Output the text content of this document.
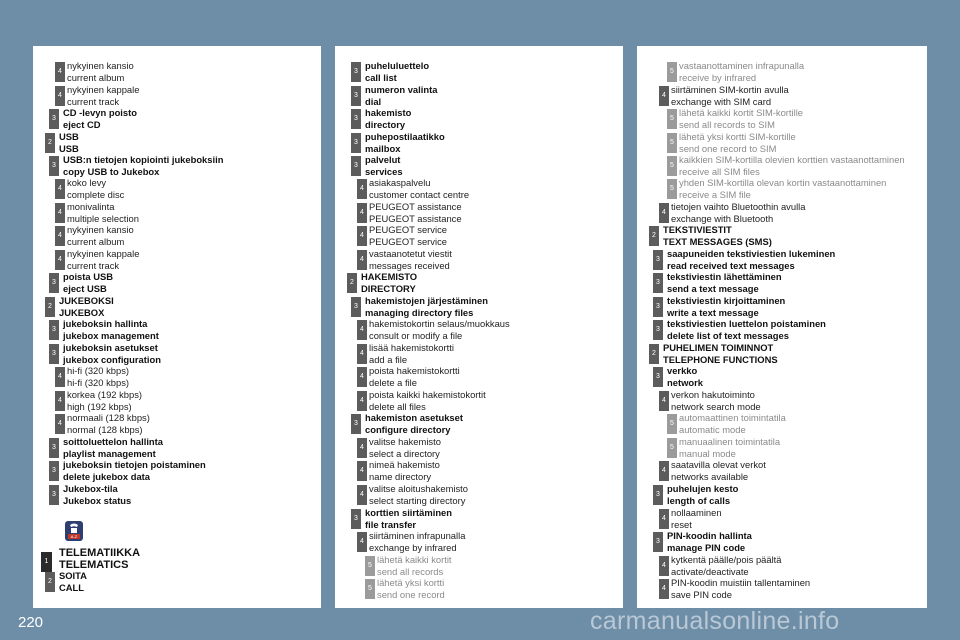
4
nykyinen kansio
current album
4
nykyinen kappale
current track
3
CD -levyn poisto
eject CD
2
USB
USB
3
USB:n tietojen kopiointi jukeboksiin
copy USB to Jukebox
4
koko levy
complete disc
4
monivalinta
multiple selection
4
nykyinen kansio
current album
4
nykyinen kappale
current track
3
poista USB
eject USB
2
JUKEBOKSI
JUKEBOX
3
jukeboksin hallinta
jukebox management
3
jukeboksin asetukset
jukebox configuration
4
hi-fi (320 kbps)
hi-fi (320 kbps)
4
korkea (192 kbps)
high (192 kbps)
4
normaali (128 kbps)
normal (128 kbps)
3
soittoluettelon hallinta
playlist management
3
jukeboksin tietojen poistaminen
delete jukebox data
3
Jukebox-tila
Jukebox status
1
TELEMATIIKKA
TELEMATICS
2
SOITA
CALL
3
puheluluettelo
call list
3
numeron valinta
dial
3
hakemisto
directory
3
puhepostilaatikko
mailbox
3
palvelut
services
4
asiakaspalvelu
customer contact centre
4
PEUGEOT assistance
PEUGEOT assistance
4
PEUGEOT service
PEUGEOT service
4
vastaanotetut viestit
messages received
2
HAKEMISTO
DIRECTORY
3
hakemistojen järjestäminen
managing directory files
4
hakemistokortin selaus/muokkaus
consult or modify a file
4
lisää hakemistokortti
add a file
4
poista hakemistokortti
delete a file
4
poista kaikki hakemistokortit
delete all files
3
hakemiston asetukset
configure directory
4
valitse hakemisto
select a directory
4
nimeä hakemisto
name directory
4
valitse aloitushakemisto
select starting directory
3
korttien siirtäminen
file transfer
4
siirtäminen infrapunalla
exchange by infrared
5
lähetä kaikki kortit
send all records
5
lähetä yksi kortti
send one record
5
vastaanottaminen infrapunalla
receive by infrared
4
siirtäminen SIM-kortin avulla
exchange with SIM card
5
lähetä kaikki kortit SIM-kortille
send all records to SIM
5
lähetä yksi kortti SIM-kortille
send one record to SIM
5
kaikkien SIM-kortilla olevien korttien vastaanottaminen
receive all SIM files
5
yhden SIM-kortilla olevan kortin vastaanottaminen
receive a SIM file
4
tietojen vaihto Bluetoothin avulla
exchange with Bluetooth
2
TEKSTIVIESTIT
TEXT MESSAGES (SMS)
3
saapuneiden tekstiviestien lukeminen
read received text messages
3
tekstiviestin lähettäminen
send a text message
3
tekstiviestin kirjoittaminen
write a text message
3
tekstiviestien luettelon poistaminen
delete list of text messages
2
PUHELIMEN TOIMINNOT
TELEPHONE FUNCTIONS
3
verkko
network
4
verkon hakutoiminto
network search mode
5
automaattinen toimintatila
automatic mode
5
manuaalinen toimintatila
manual mode
4
saatavilla olevat verkot
networks available
3
puhelujen kesto
length of calls
4
nollaaminen
reset
3
PIN-koodin hallinta
manage PIN code
4
kytkentä päälle/pois päältä
activate/deactivate
4
PIN-koodin muistiin tallentaminen
save PIN code
A-Z
220	carmanualsonline.info
